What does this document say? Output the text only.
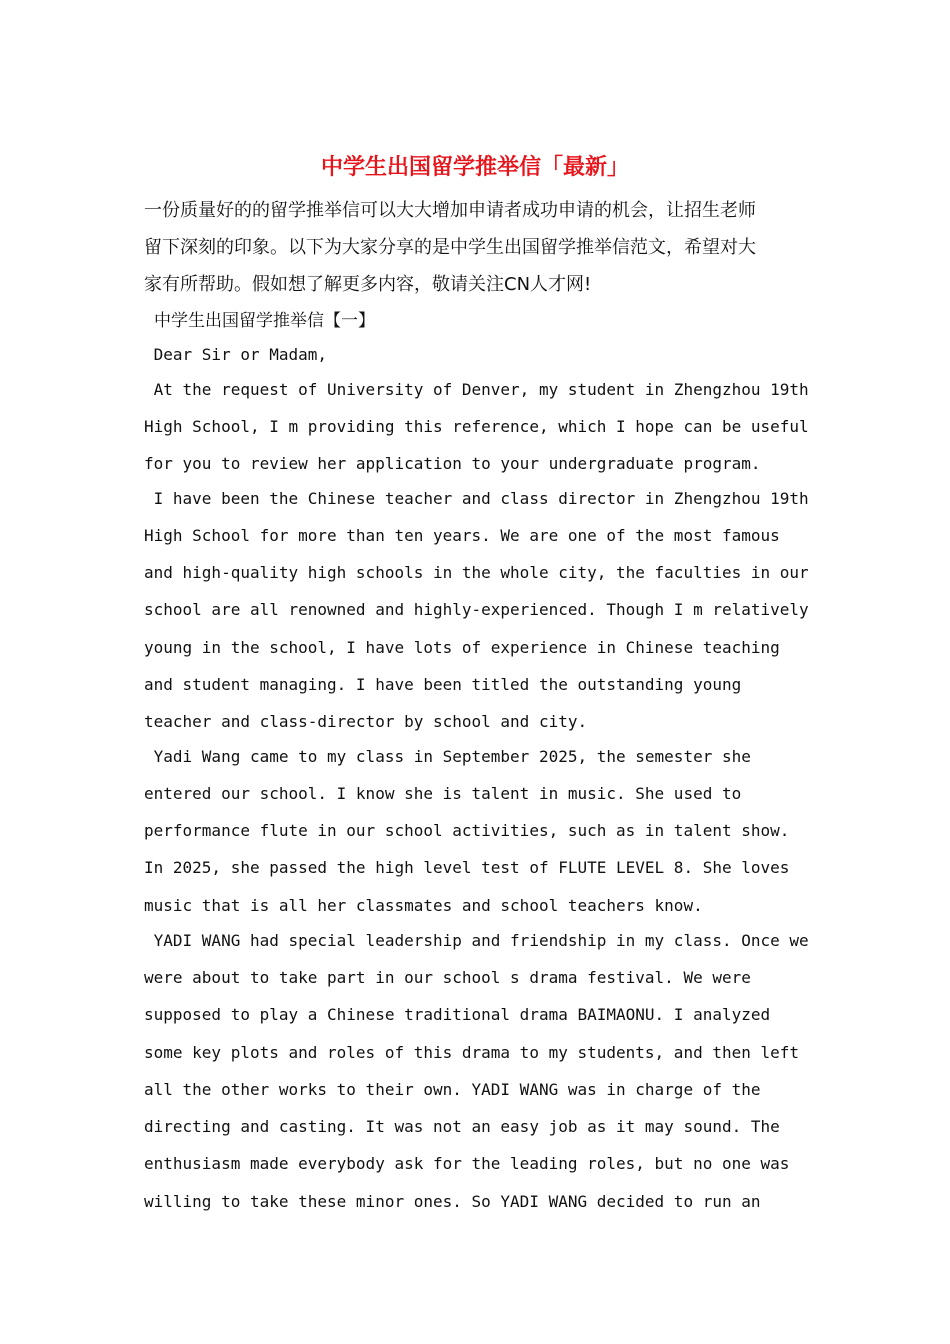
中学生出国留学推举信「最新」
一份质量好的的留学推举信可以大大增加申请者成功申请的机会，让招生老师
留下深刻的印象。以下为大家分享的是中学生出国留学推举信范文，希望对大
家有所帮助。假如想了解更多内容，敬请关注CN人才网!
中学生出国留学推举信【一】
Dear Sir or Madam,
At the request of University of Denver, my student in Zhengzhou 19th
High School, I m providing this reference, which I hope can be useful
for you to review her application to your undergraduate program.
I have been the Chinese teacher and class director in Zhengzhou 19th
High School for more than ten years. We are one of the most famous
and high-quality high schools in the whole city, the faculties in our
school are all renowned and highly-experienced. Though I m relatively
young in the school, I have lots of experience in Chinese teaching
and student managing. I have been titled the outstanding young
teacher and class-director by school and city.
Yadi Wang came to my class in September 2025, the semester she
entered our school. I know she is talent in music. She used to
performance flute in our school activities, such as in talent show.
In 2025, she passed the high level test of FLUTE LEVEL 8. She loves
music that is all her classmates and school teachers know.
YADI WANG had special leadership and friendship in my class. Once we
were about to take part in our school s drama festival. We were
supposed to play a Chinese traditional drama BAIMAONU. I analyzed
some key plots and roles of this drama to my students, and then left
all the other works to their own. YADI WANG was in charge of the
directing and casting. It was not an easy job as it may sound. The
enthusiasm made everybody ask for the leading roles, but no one was
willing to take these minor ones. So YADI WANG decided to run an
